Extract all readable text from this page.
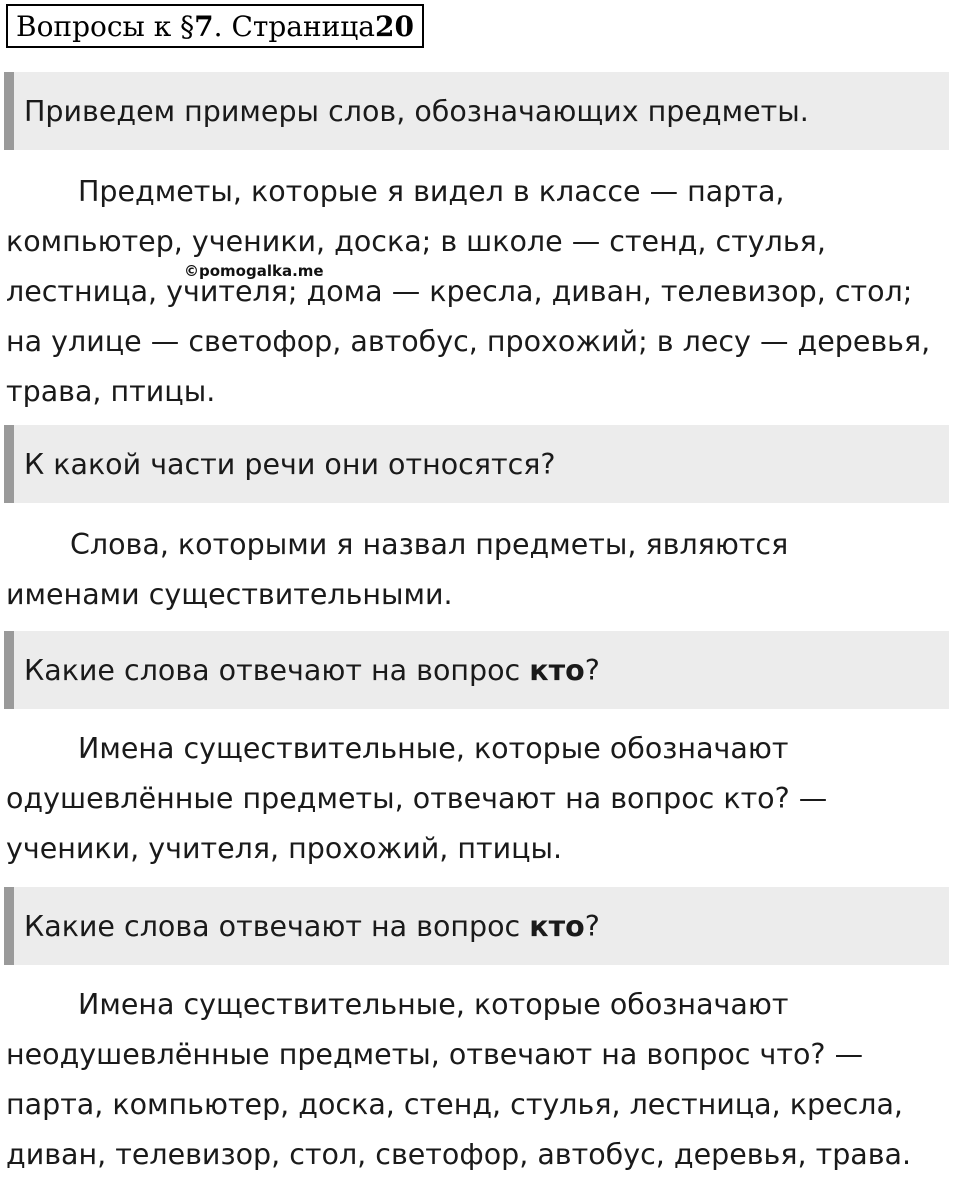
Вопросы к § 7 . Страница 20
Приведем примеры слов, обозначающих предметы.
Предметы, которые я видел в классе — парта,
компьютер, ученики, доска; в школе — стенд, стулья,
лестница, учителя; дома — кресла, диван, телевизор, стол;
на улице — светофор, автобус, прохожий; в лесу — деревья,
трава, птицы.
©pomogalka.me
К какой части речи они относятся?
Слова, которыми я назвал предметы, являются
именами существительными.
Какие слова отвечают на вопрос кто?
Имена существительные, которые обозначают
одушевлённые предметы, отвечают на вопрос кто? —
ученики, учителя, прохожий, птицы.
Какие слова отвечают на вопрос кто?
Имена существительные, которые обозначают
неодушевлённые предметы, отвечают на вопрос что? —
парта, компьютер, доска, стенд, стулья, лестница, кресла,
диван, телевизор, стол, светофор, автобус, деревья, трава.
